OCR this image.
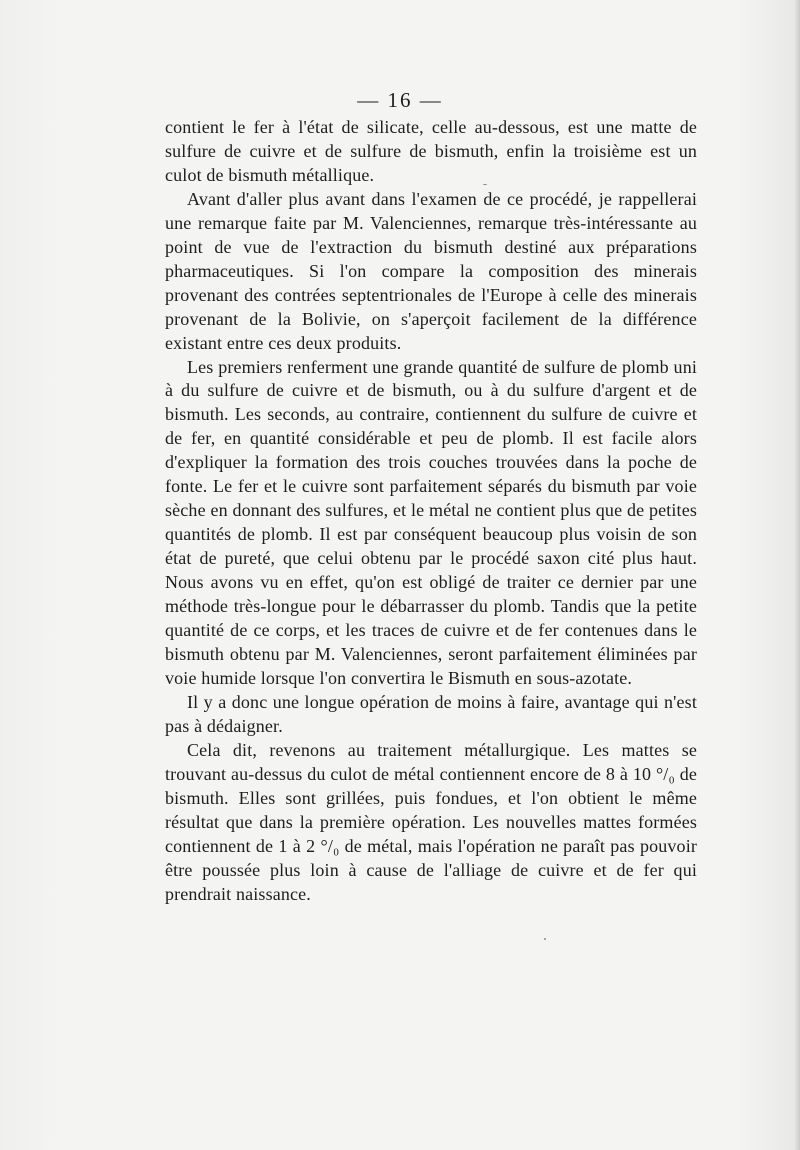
— 16 —

contient le fer à l'état de silicate, celle au-dessous, est une matte de sulfure de cuivre et de sulfure de bismuth, enfin la troisième est un culot de bismuth métallique.

Avant d'aller plus avant dans l'examen de ce procédé, je rappellerai une remarque faite par M. Valenciennes, remarque très-intéressante au point de vue de l'extraction du bismuth destiné aux préparations pharmaceutiques. Si l'on compare la composition des minerais provenant des contrées septentrionales de l'Europe à celle des minerais provenant de la Bolivie, on s'aperçoit facilement de la différence existant entre ces deux produits.

Les premiers renferment une grande quantité de sulfure de plomb uni à du sulfure de cuivre et de bismuth, ou à du sulfure d'argent et de bismuth. Les seconds, au contraire, contiennent du sulfure de cuivre et de fer, en quantité considérable et peu de plomb. Il est facile alors d'expliquer la formation des trois couches trouvées dans la poche de fonte. Le fer et le cuivre sont parfaitement séparés du bismuth par voie sèche en donnant des sulfures, et le métal ne contient plus que de petites quantités de plomb. Il est par conséquent beaucoup plus voisin de son état de pureté, que celui obtenu par le procédé saxon cité plus haut. Nous avons vu en effet, qu'on est obligé de traiter ce dernier par une méthode très-longue pour le débarrasser du plomb. Tandis que la petite quantité de ce corps, et les traces de cuivre et de fer contenues dans le bismuth obtenu par M. Valenciennes, seront parfaitement éliminées par voie humide lorsque l'on convertira le Bismuth en sous-azotate.

Il y a donc une longue opération de moins à faire, avantage qui n'est pas à dédaigner.

Cela dit, revenons au traitement métallurgique. Les mattes se trouvant au-dessus du culot de métal contiennent encore de 8 à 10 °/₀ de bismuth. Elles sont grillées, puis fondues, et l'on obtient le même résultat que dans la première opération. Les nouvelles mattes formées contiennent de 1 à 2 °/₀ de métal, mais l'opération ne paraît pas pouvoir être poussée plus loin à cause de l'alliage de cuivre et de fer qui prendrait naissance.
